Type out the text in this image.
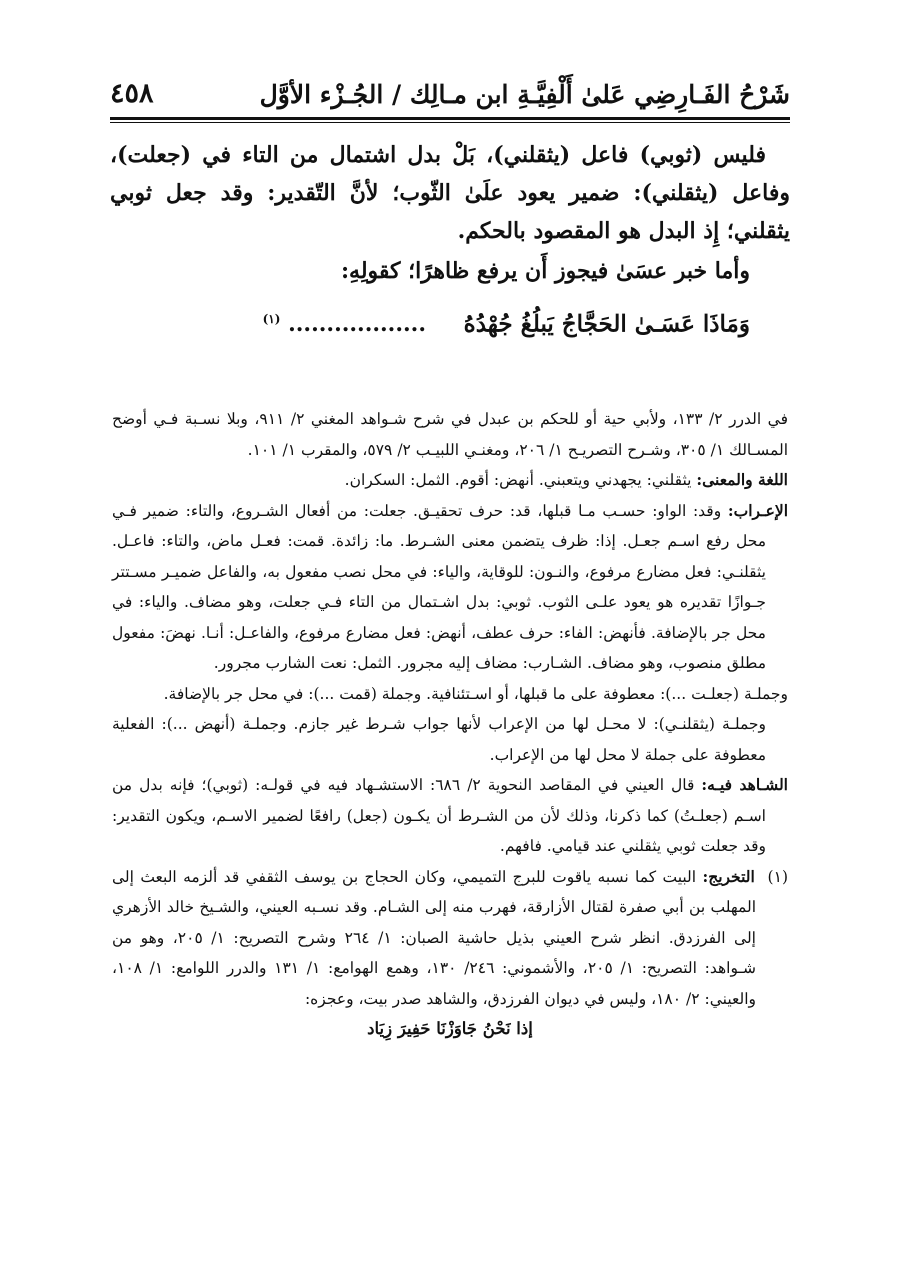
شَرْحُ الفَـارِضِي عَلىٰ أَلْفِيَّـةِ ابن مـالِك / الجُـزْء الأوَّل
٤٥٨

فليس (ثوبي) فاعل (يثقلني)، بَلْ بدل اشتمال من التاء في (جعلت)، وفاعل (يثقلني): ضمير يعود علَىٰ الثّوب؛ لأنَّ التّقدير: وقد جعل ثوبي يثقلني؛ إِذ البدل هو المقصود بالحكم.

وأما خبر عسَىٰ فيجوز أَن يرفع ظاهرًا؛ كقولِهِ:

وَمَاذَا عَسَـىٰ الحَجَّاجُ يَبلُغُ جُهْدُهُ .................. $^{(١)}$

في الدرر ٢/ ١٣٣، ولأبي حية أو للحكم بن عبدل في شرح شـواهد المغني ٢/ ٩١١، وبلا نسـبة فـي أوضح المسـالك ١/ ٣٠٥، وشـرح التصريـح ١/ ٢٠٦، ومغنـي اللبيـب ٢/ ٥٧٩، والمقرب ١/ ١٠١.

اللغة والمعنى: يثقلني: يجهدني ويتعبني. أنهض: أقوم. الثمل: السكران.

الإعـراب: وقد: الواو: حسـب مـا قبلها، قد: حرف تحقيـق. جعلت: من أفعال الشـروع، والتاء: ضمير فـي محل رفع اسـم جعـل. إذا: ظرف يتضمن معنى الشـرط. ما: زائدة. قمت: فعـل ماض، والتاء: فاعـل. يثقلنـي: فعل مضارع مرفوع، والنـون: للوقاية، والياء: في محل نصب مفعول به، والفاعل ضميـر مسـتتر جـوازًا تقديره هو يعود علـى الثوب. ثوبي: بدل اشـتمال من التاء فـي جعلت، وهو مضاف. والياء: في محل جر بالإضافة. فأنهض: الفاء: حرف عطف، أنهض: فعل مضارع مرفوع، والفاعـل: أنـا. نهضَ: مفعول مطلق منصوب، وهو مضاف. الشـارب: مضاف إليه مجرور. الثمل: نعت الشارب مجرور.

وجملـة (جعلـت ...): معطوفة على ما قبلها، أو اسـتئنافية. وجملة (قمت ...): في محل جر بالإضافة.

وجملـة (يثقلنـي): لا محـل لها من الإعراب لأنها جواب شـرط غير جازم. وجملـة (أنهض ...): الفعلية معطوفة على جملة لا محل لها من الإعراب.

الشـاهد فيـه: قال العيني في المقاصد النحوية ٢/ ٦٨٦: الاستشـهاد فيه في قولـه: (ثوبي)؛ فإنه بدل من اسـم (جعلـتُ) كما ذكرنا، وذلك لأن من الشـرط أن يكـون (جعل) رافعًا لضمير الاسـم، ويكون التقدير: وقد جعلت ثوبي يثقلني عند قيامي. فافهم.

(١)  التخريج: البيت كما نسبه ياقوت للبرج التميمي، وكان الحجاج بن يوسف الثقفي قد ألزمه البعث إلى المهلب بن أبي صفرة لقتال الأزارقة، فهرب منه إلى الشـام. وقد نسـبه العيني، والشـيخ خالد الأزهري إلى الفرزدق. انظر شرح العيني بذيل حاشية الصبان: ١/ ٢٦٤ وشرح التصريح: ١/ ٢٠٥، وهو من شـواهد: التصريح: ١/ ٢٠٥، والأشموني: ٢٤٦/ ١٣٠، وهمع الهوامع: ١/ ١٣١ والدرر اللوامع: ١/ ١٠٨، والعيني: ٢/ ١٨٠، وليس في ديوان الفرزدق، والشاهد صدر بيت، وعجزه:

إذا نَحْنُ جَاوَزْنَا حَفِيرَ زِيَاد
